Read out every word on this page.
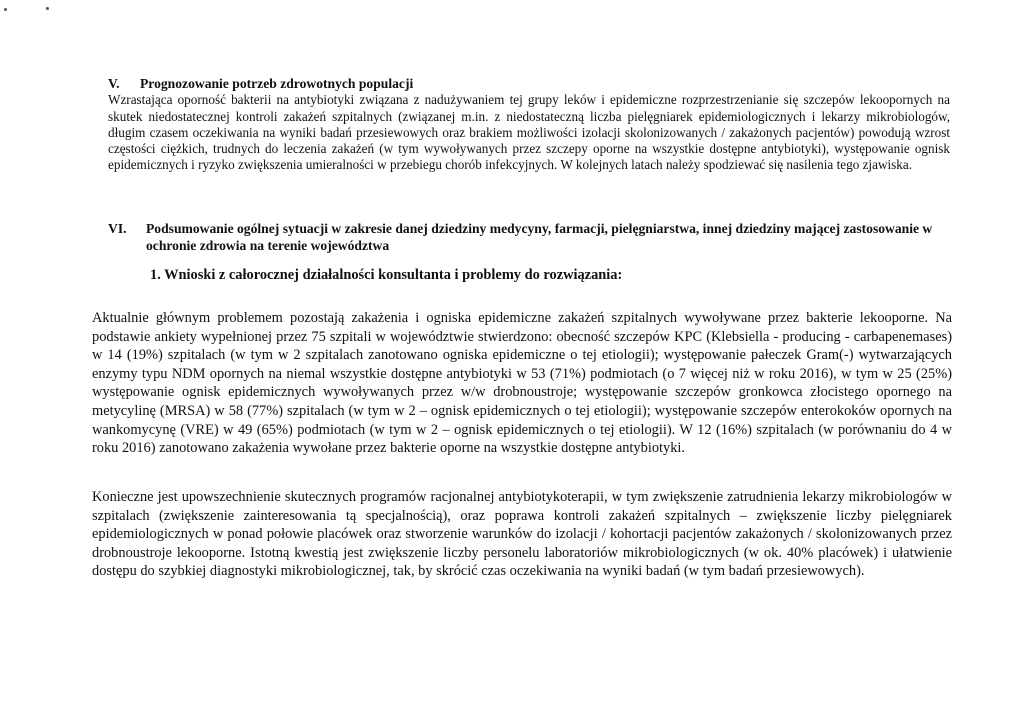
V.	Prognozowanie potrzeb zdrowotnych populacji

Wzrastająca oporność bakterii na antybiotyki związana z nadużywaniem tej grupy leków i epidemiczne rozprzestrzenianie się szczepów lekoopornych na skutek niedostatecznej kontroli zakażeń szpitalnych (związanej m.in. z niedostateczną liczba pielęgniarek epidemiologicznych i lekarzy mikrobiologów, długim czasem oczekiwania na wyniki badań przesiewowych oraz brakiem możliwości izolacji skolonizowanych / zakażonych pacjentów) powodują wzrost częstości ciężkich, trudnych do leczenia zakażeń (w tym wywoływanych przez szczepy oporne na wszystkie dostępne antybiotyki), występowanie ognisk epidemicznych i ryzyko zwiększenia umieralności w przebiegu chorób infekcyjnych. W kolejnych latach należy spodziewać się nasilenia tego zjawiska.

VI.	Podsumowanie ogólnej sytuacji w zakresie danej dziedziny medycyny, farmacji, pielęgniarstwa, innej dziedziny mającej zastosowanie w ochronie zdrowia na terenie województwa
1. Wnioski z całorocznej działalności konsultanta i problemy do rozwiązania:

Aktualnie głównym problemem pozostają zakażenia i ogniska epidemiczne zakażeń szpitalnych wywoływane przez bakterie lekooporne. Na podstawie ankiety wypełnionej przez 75 szpitali w województwie stwierdzono: obecność szczepów KPC (Klebsiella - producing - carbapenemases) w 14 (19%) szpitalach (w tym w 2 szpitalach zanotowano ogniska epidemiczne o tej etiologii); występowanie pałeczek Gram(-) wytwarzających enzymy typu NDM opornych na niemal wszystkie dostępne antybiotyki w 53 (71%) podmiotach (o 7 więcej niż w roku 2016), w tym w 25 (25%) występowanie ognisk epidemicznych wywoływanych przez w/w drobnoustroje; występowanie szczepów gronkowca złocistego opornego na metycylinę (MRSA) w 58 (77%) szpitalach (w tym w 2 – ognisk epidemicznych o tej etiologii); występowanie szczepów enterokoków opornych na wankomycynę (VRE) w 49 (65%) podmiotach (w tym w 2 – ognisk epidemicznych o tej etiologii). W 12 (16%) szpitalach (w porównaniu do 4 w roku 2016) zanotowano zakażenia wywołane przez bakterie oporne na wszystkie dostępne antybiotyki.

Konieczne jest upowszechnienie skutecznych programów racjonalnej antybiotykoterapii, w tym zwiększenie zatrudnienia lekarzy mikrobiologów w szpitalach (zwiększenie zainteresowania tą specjalnością), oraz poprawa kontroli zakażeń szpitalnych – zwiększenie liczby pielęgniarek epidemiologicznych w ponad połowie placówek oraz stworzenie warunków do izolacji / kohortacji pacjentów zakażonych / skolonizowanych przez drobnoustroje lekooporne. Istotną kwestią jest zwiększenie liczby personelu laboratoriów mikrobiologicznych (w ok. 40% placówek) i ułatwienie dostępu do szybkiej diagnostyki mikrobiologicznej, tak, by skrócić czas oczekiwania na wyniki badań (w tym badań przesiewowych).
